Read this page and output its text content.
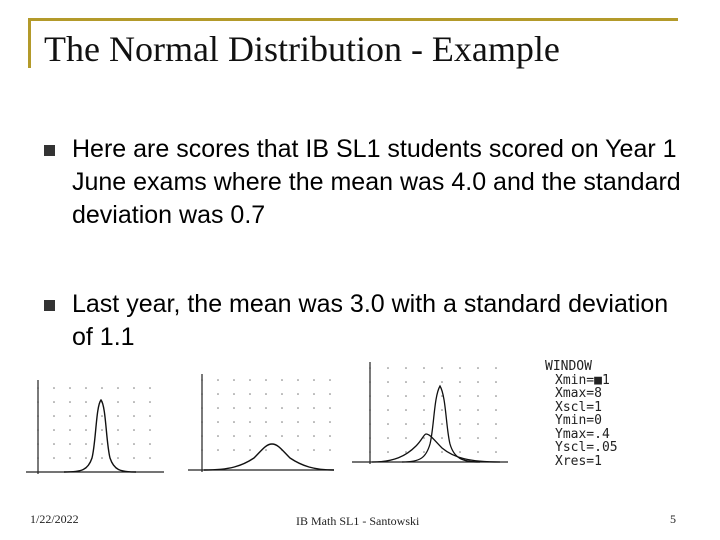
The Normal Distribution - Example
Here are scores that IB SL1 students scored on Year 1 June exams where the mean was 4.0 and the standard deviation was 0.7
Last year, the mean was 3.0 with a standard deviation of 1.1
WINDOW
Xmin=■1
Xmax=8
Xscl=1
Ymin=0
Ymax=.4
Yscl=.05
Xres=1
1/22/2022	IB Math SL1 - Santowski	5
